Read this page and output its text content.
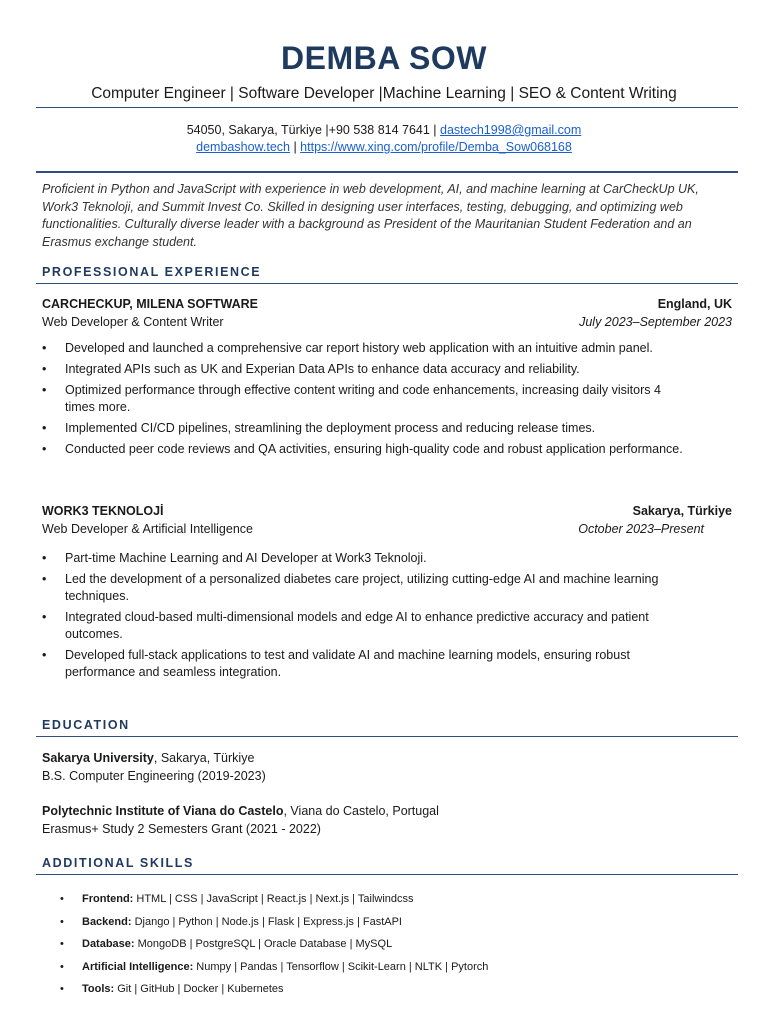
DEMBA SOW
Computer Engineer | Software Developer |Machine Learning | SEO & Content Writing
54050, Sakarya, Türkiye |+90 538 814 7641 | dastech1998@gmail.com
dembashow.tech | https://www.xing.com/profile/Demba_Sow068168
Proficient in Python and JavaScript with experience in web development, AI, and machine learning at CarCheckUp UK, Work3 Teknoloji, and Summit Invest Co. Skilled in designing user interfaces, testing, debugging, and optimizing web functionalities. Culturally diverse leader with a background as President of the Mauritanian Student Federation and an Erasmus exchange student.
PROFESSIONAL EXPERIENCE
CARCHECKUP, MILENA SOFTWARE	England, UK
Web Developer & Content Writer	July 2023–September 2023
• Developed and launched a comprehensive car report history web application with an intuitive admin panel.
• Integrated APIs such as UK and Experian Data APIs to enhance data accuracy and reliability.
• Optimized performance through effective content writing and code enhancements, increasing daily visitors 4 times more.
• Implemented CI/CD pipelines, streamlining the deployment process and reducing release times.
• Conducted peer code reviews and QA activities, ensuring high-quality code and robust application performance.
WORK3 TEKNOLOJİ	Sakarya, Türkiye
Web Developer & Artificial Intelligence	October 2023–Present
• Part-time Machine Learning and AI Developer at Work3 Teknoloji.
• Led the development of a personalized diabetes care project, utilizing cutting-edge AI and machine learning techniques.
• Integrated cloud-based multi-dimensional models and edge AI to enhance predictive accuracy and patient outcomes.
• Developed full-stack applications to test and validate AI and machine learning models, ensuring robust performance and seamless integration.
EDUCATION
Sakarya University, Sakarya, Türkiye
B.S. Computer Engineering (2019-2023)
Polytechnic Institute of Viana do Castelo, Viana do Castelo, Portugal
Erasmus+ Study 2 Semesters Grant (2021 - 2022)
ADDITIONAL SKILLS
• Frontend: HTML | CSS | JavaScript | React.js | Next.js | Tailwindcss
• Backend: Django | Python | Node.js | Flask | Express.js | FastAPI
• Database: MongoDB | PostgreSQL | Oracle Database | MySQL
• Artificial Intelligence: Numpy | Pandas | Tensorflow | Scikit-Learn | NLTK | Pytorch
• Tools: Git | GitHub | Docker | Kubernetes
